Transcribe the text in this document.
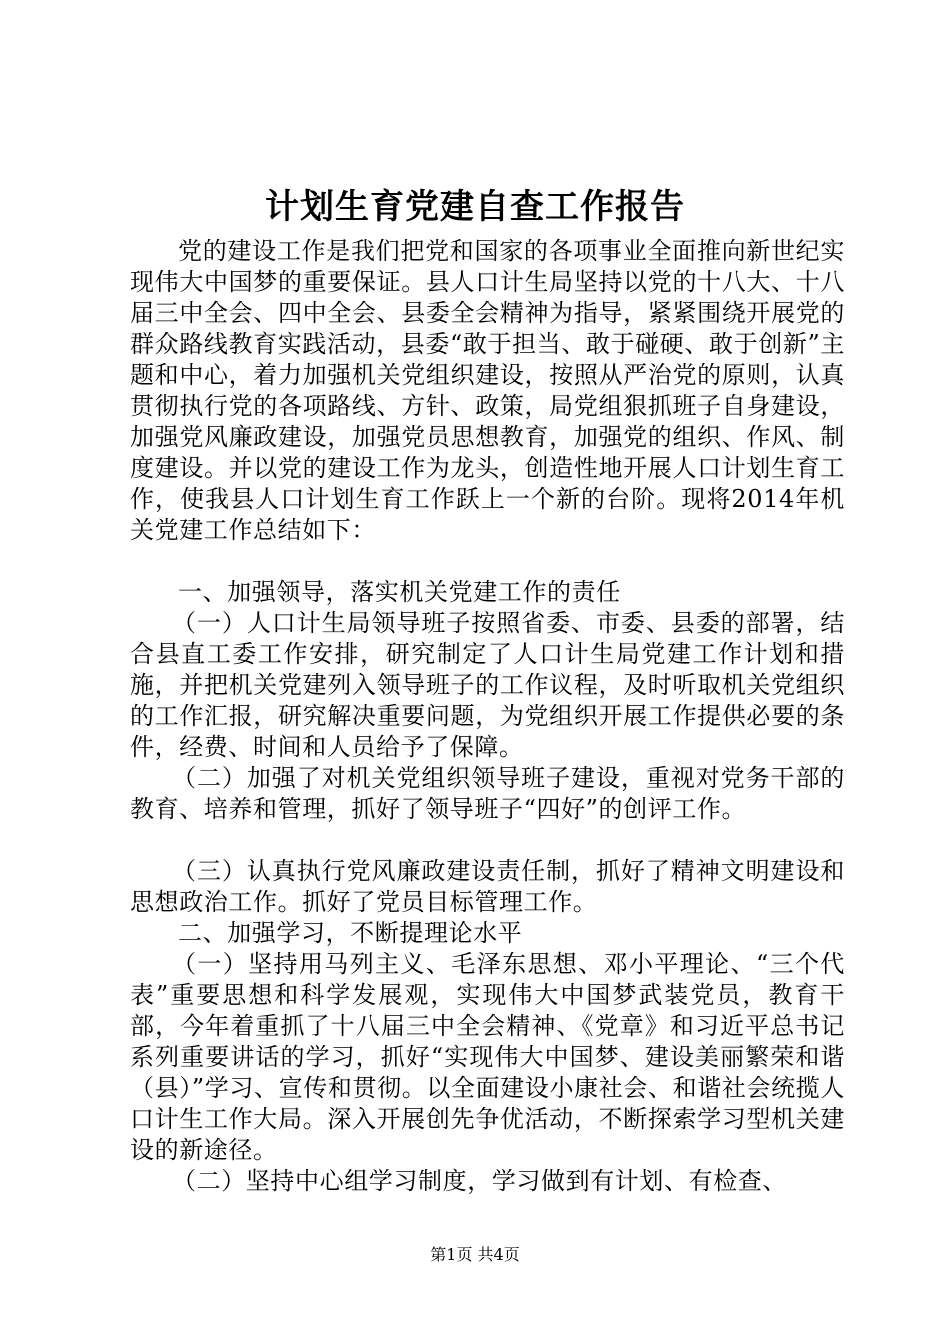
计划生育党建自查工作报告

党的建设工作是我们把党和国家的各项事业全面推向新世纪实现伟大中国梦的重要保证。县人口计生局坚持以党的十八大、十八届三中全会、四中全会、县委全会精神为指导，紧紧围绕开展党的群众路线教育实践活动，县委“敢于担当、敢于碰硬、敢于创新”主题和中心，着力加强机关党组织建设，按照从严治党的原则，认真贯彻执行党的各项路线、方针、政策，局党组狠抓班子自身建设，加强党风廉政建设，加强党员思想教育，加强党的组织、作风、制度建设。并以党的建设工作为龙头，创造性地开展人口计划生育工作，使我县人口计划生育工作跃上一个新的台阶。现将2014年机关党建工作总结如下：

一、加强领导，落实机关党建工作的责任

（一）人口计生局领导班子按照省委、市委、县委的部署，结合县直工委工作安排，研究制定了人口计生局党建工作计划和措施，并把机关党建列入领导班子的工作议程，及时听取机关党组织的工作汇报，研究解决重要问题，为党组织开展工作提供必要的条件，经费、时间和人员给予了保障。

（二）加强了对机关党组织领导班子建设，重视对党务干部的教育、培养和管理，抓好了领导班子“四好”的创评工作。

（三）认真执行党风廉政建设责任制，抓好了精神文明建设和思想政治工作。抓好了党员目标管理工作。

二、加强学习，不断提理论水平

（一）坚持用马列主义、毛泽东思想、邓小平理论、“三个代表”重要思想和科学发展观，实现伟大中国梦武装党员，教育干部，今年着重抓了十八届三中全会精神、《党章》和习近平总书记系列重要讲话的学习，抓好“实现伟大中国梦、建设美丽繁荣和谐（县）”学习、宣传和贯彻。以全面建设小康社会、和谐社会统揽人口计生工作大局。深入开展创先争优活动，不断探索学习型机关建设的新途径。

（二）坚持中心组学习制度，学习做到有计划、有检查、

第1页 共4页
